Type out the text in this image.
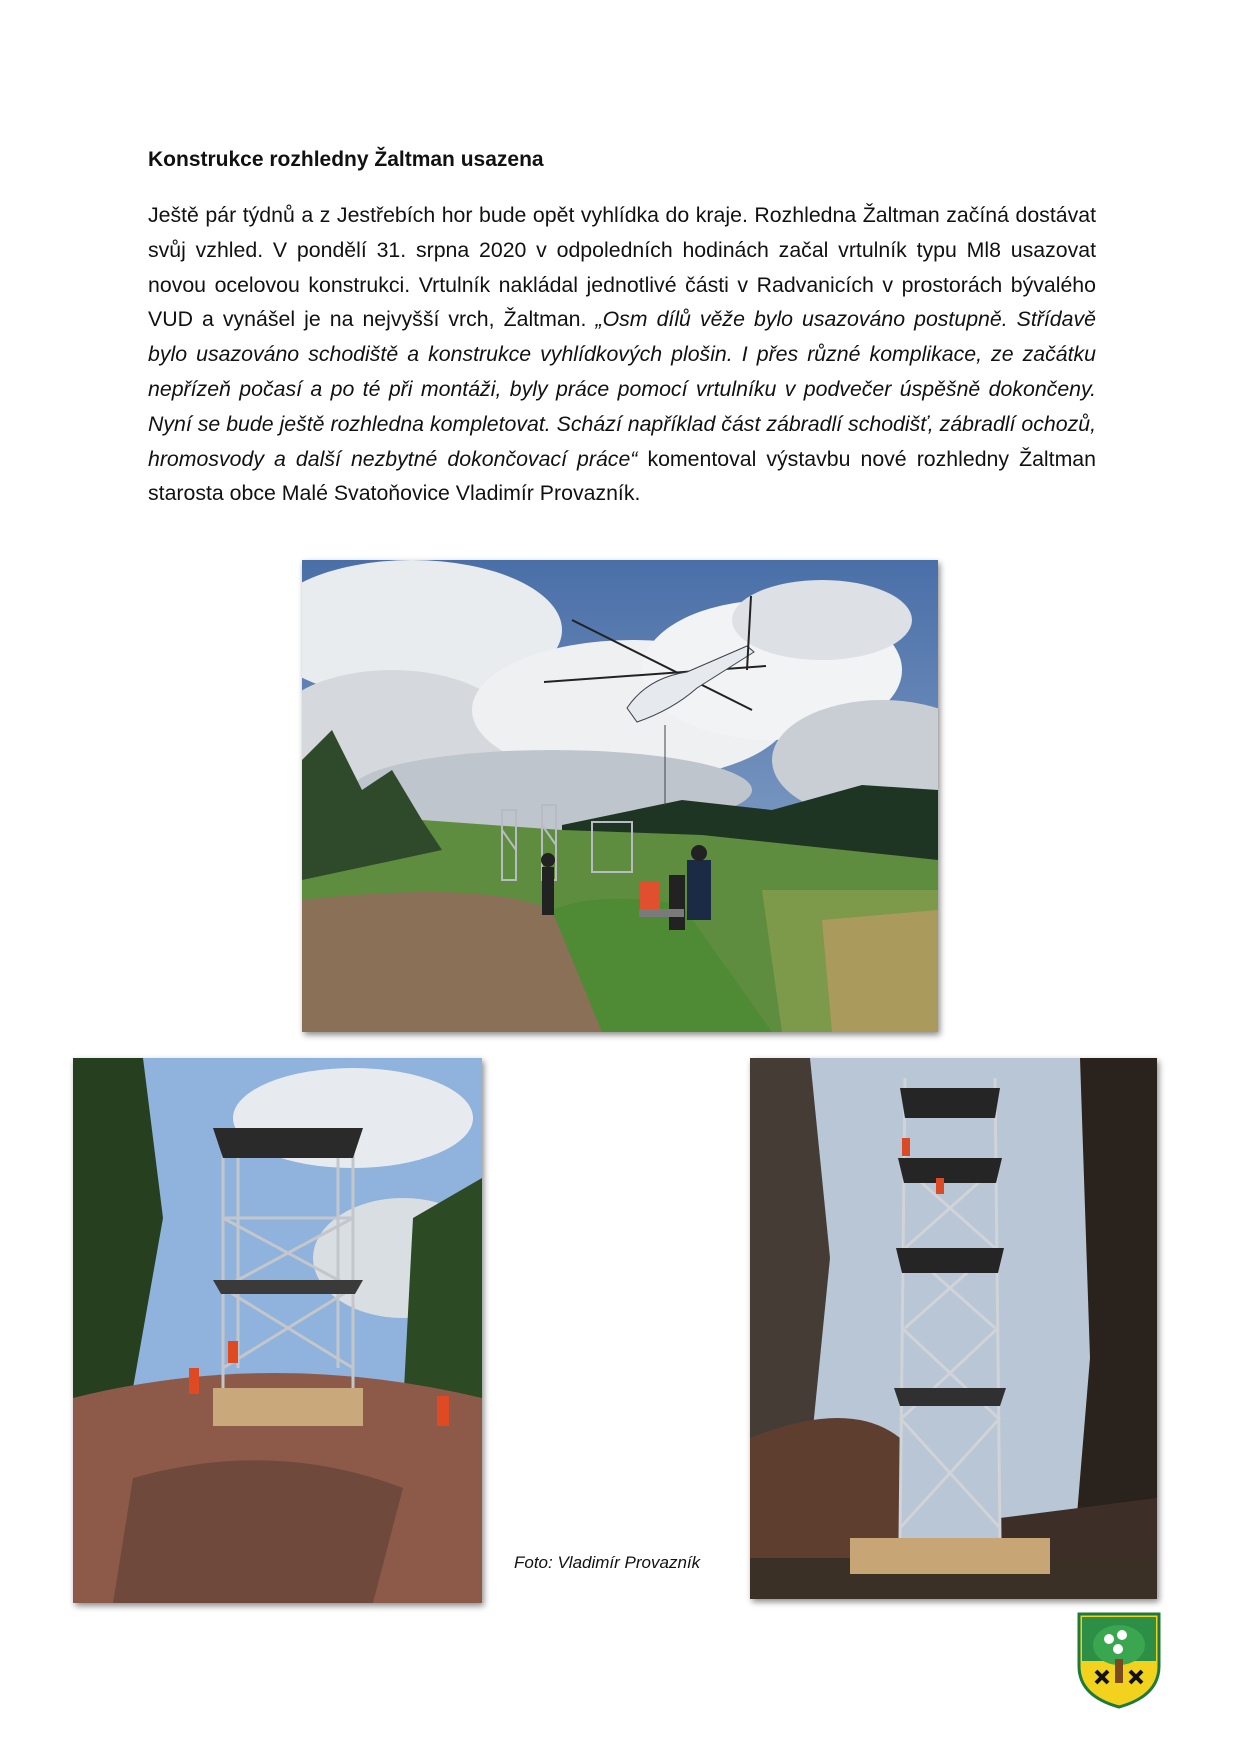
Konstrukce rozhledny Žaltman usazena

Ještě pár týdnů a z Jestřebích hor bude opět vyhlídka do kraje. Rozhledna Žaltman začíná dostávat svůj vzhled. V pondělí 31. srpna 2020 v odpoledních hodinách začal vrtulník typu Ml8 usazovat novou ocelovou konstrukci. Vrtulník nakládal jednotlivé části v Radvanicích v prostorách bývalého VUD a vynášel je na nejvyšší vrch, Žaltman. „Osm dílů věže bylo usazováno postupně. Střídavě bylo usazováno schodiště a konstrukce vyhlídkových plošin. I přes různé komplikace, ze začátku nepřízeň počasí a po té při montáži, byly práce pomocí vrtulníku v podvečer úspěšně dokončeny. Nyní se bude ještě rozhledna kompletovat. Schází například část zábradlí schodišť, zábradlí ochozů, hromosvody a další nezbytné dokončovací práce“ komentoval výstavbu nové rozhledny Žaltman starosta obce Malé Svatoňovice Vladimír Provazník.

Foto: Vladimír Provazník
